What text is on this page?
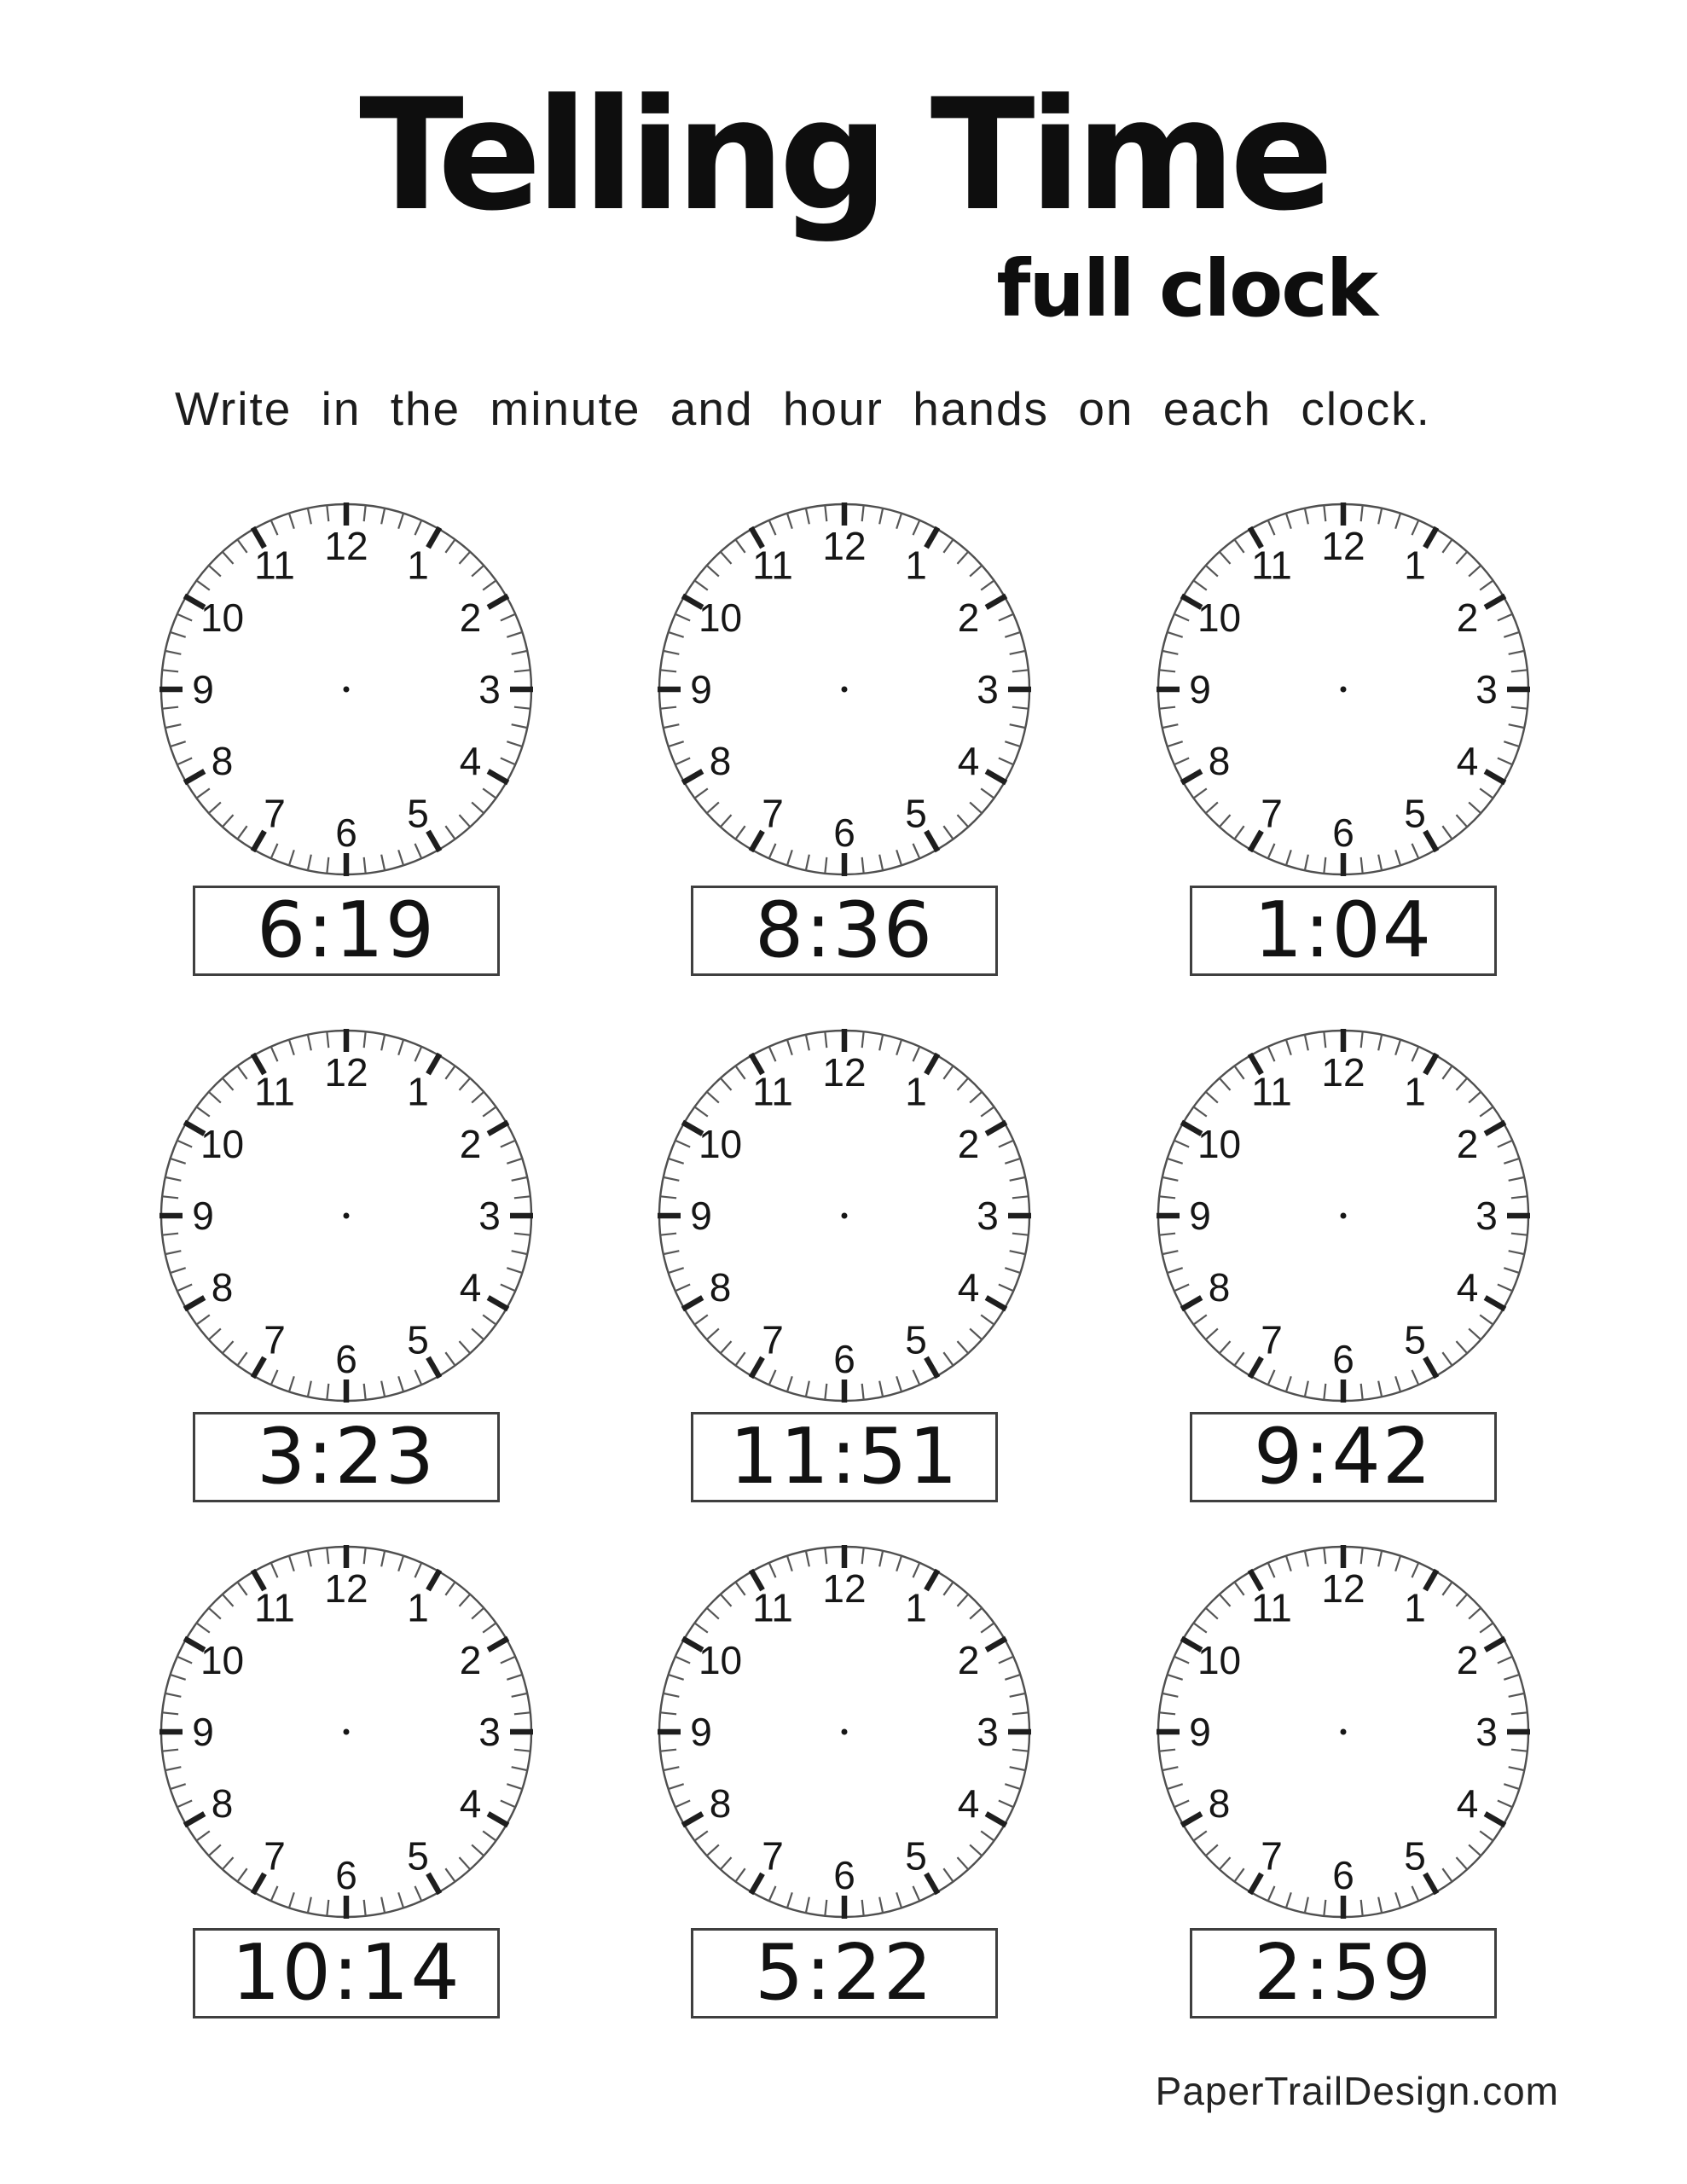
Telling Time
full clock
Write in the minute and hour hands on each clock.
12 1
2
3
4
5
6
7
8
9
10
11
6:19
12 1
2
3
4
5
6
7
8
9
10
11
8:36
12 1
2
3
4
5
6
7
8
9
10
11
1:04
12 1
2
3
4
5
6
7
8
9
10
11
3:23
12 1
2
3
4
5
6
7
8
9
10
11
11:51
12 1
2
3
4
5
6
7
8
9
10
11
9:42
12 1
2
3
4
5
6
7
8
9
10
11
10:14
12 1
2
3
4
5
6
7
8
9
10
11
5:22
12 1
2
3
4
5
6
7
8
9
10
11
2:59
PaperTrailDesign.com
